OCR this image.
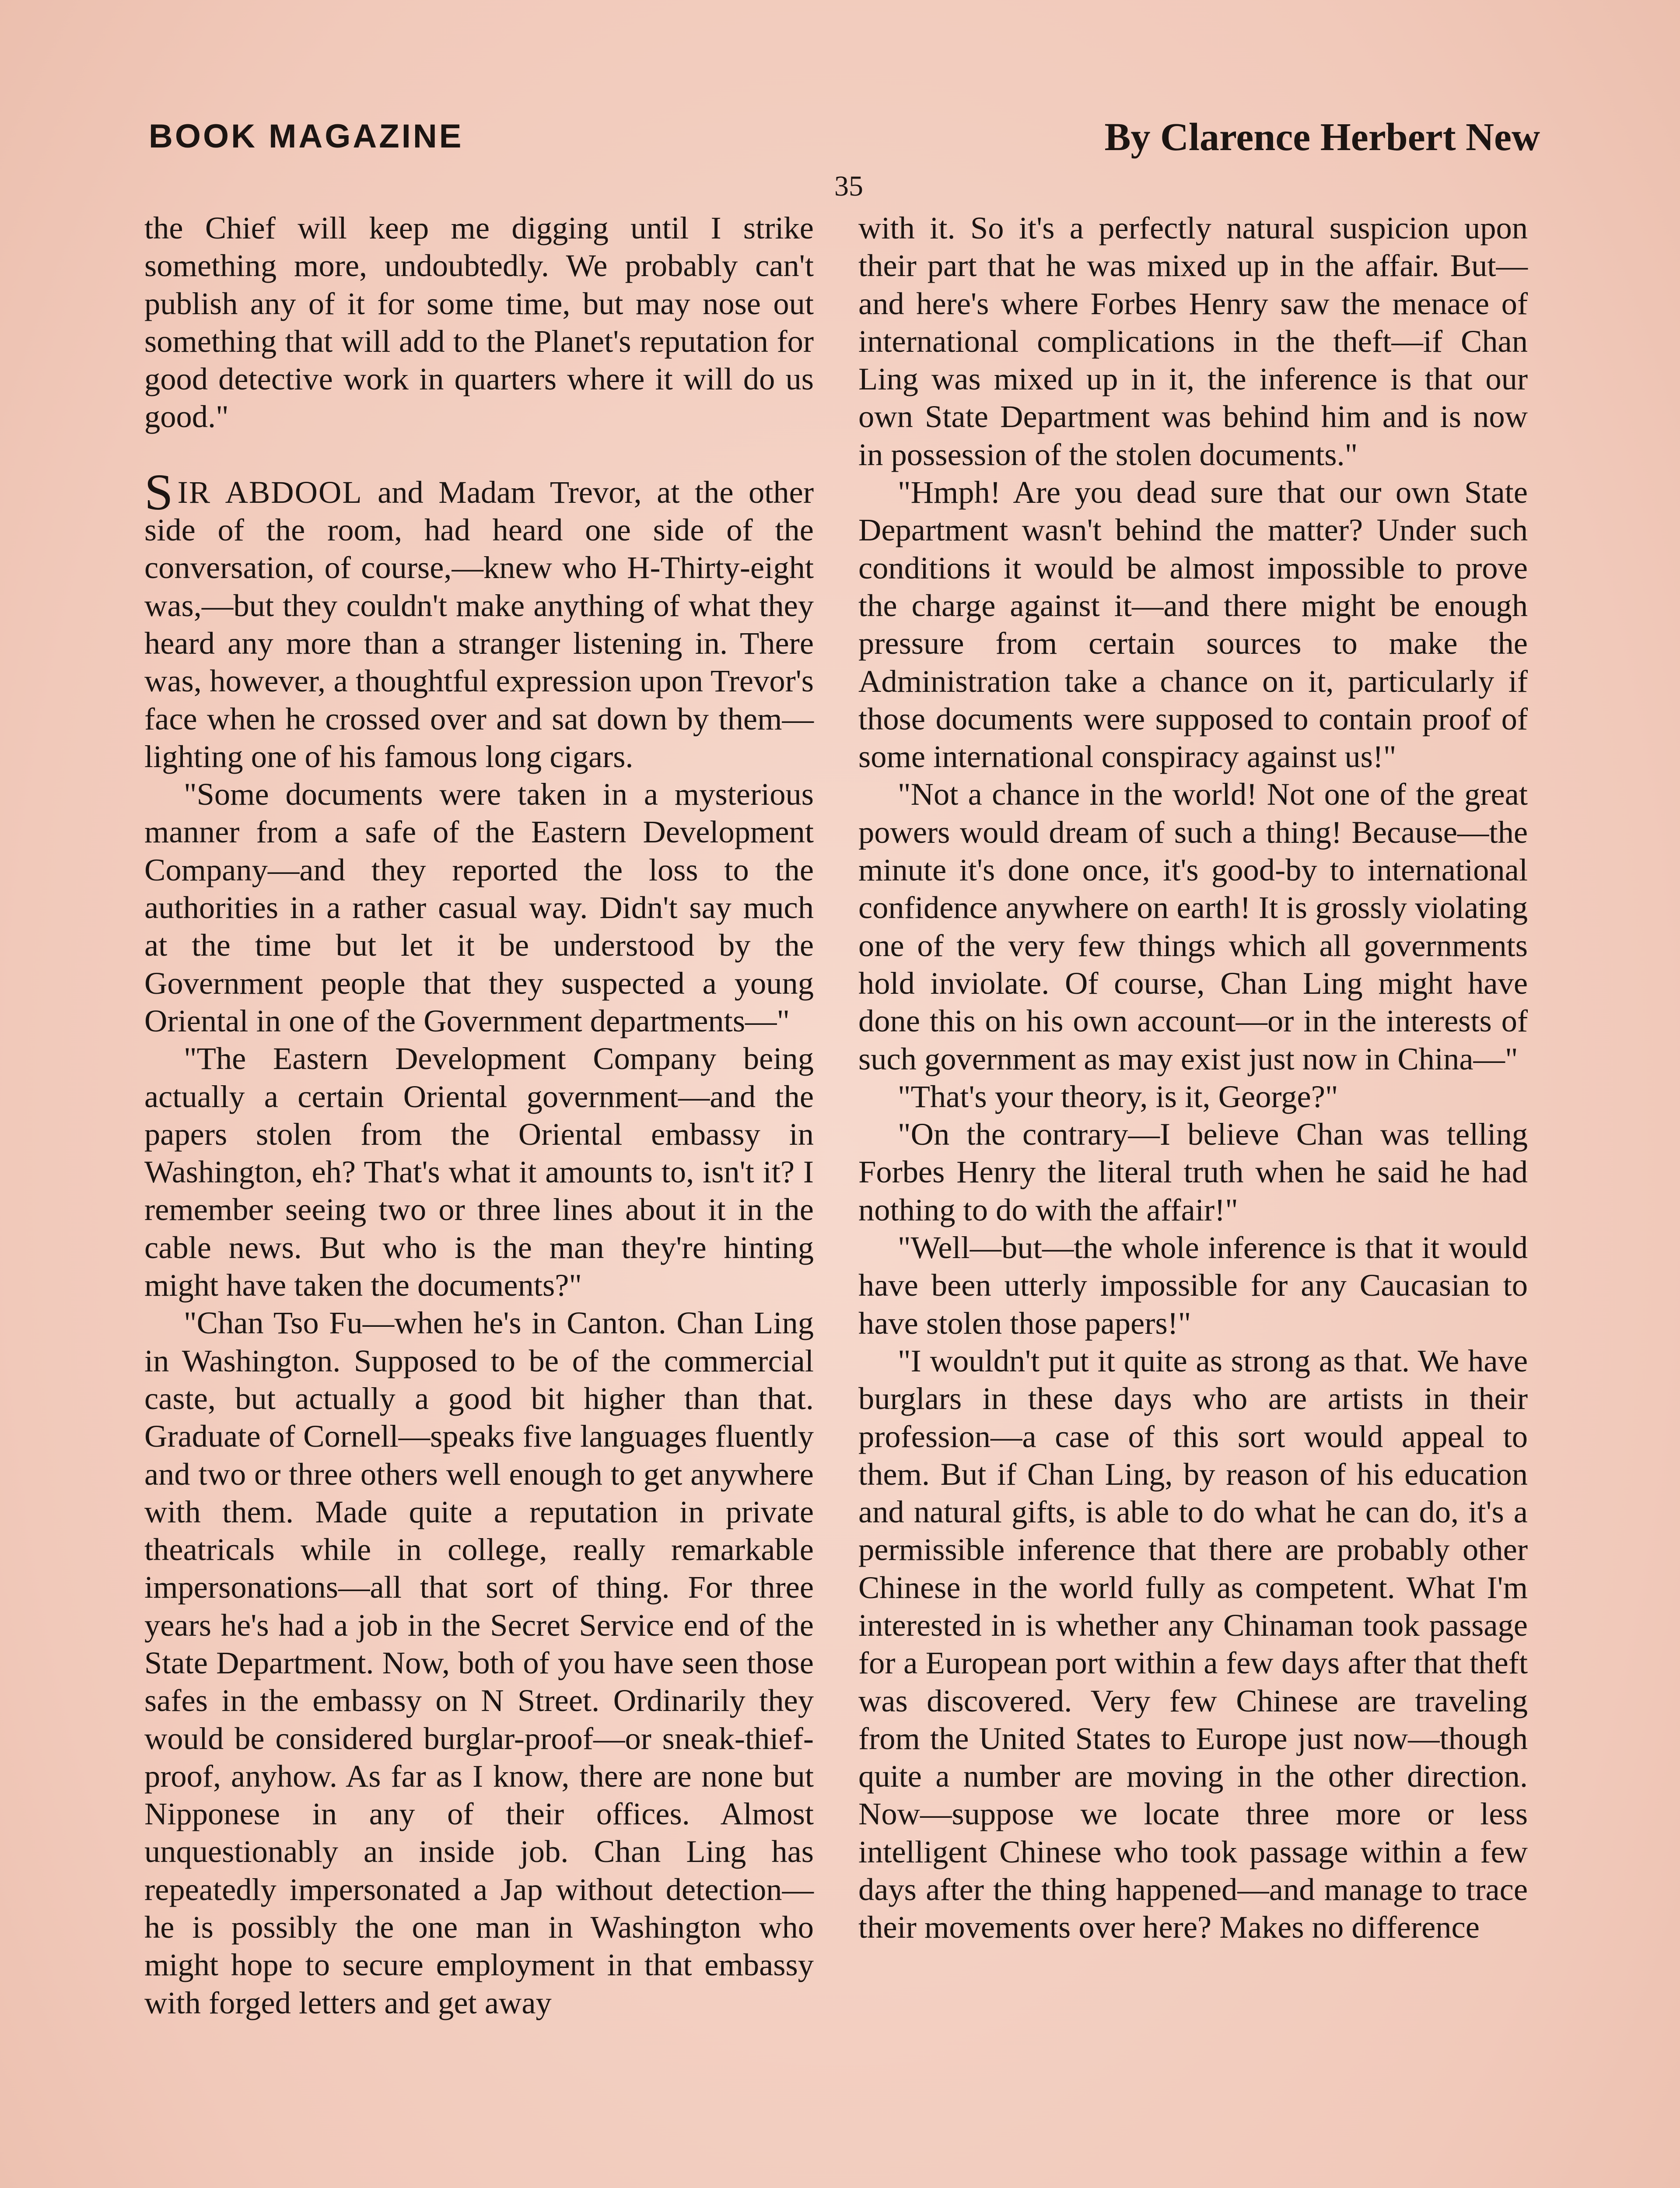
BOOK MAGAZINE	By Clarence Herbert New
35

the Chief will keep me digging until I strike something more, undoubtedly. We probably can't publish any of it for some time, but may nose out something that will add to the Planet's reputation for good detective work in quarters where it will do us good."

SIR ABDOOL and Madam Trevor, at the other side of the room, had heard one side of the conversation, of course,—knew who H-Thirty-eight was,—but they couldn't make anything of what they heard any more than a stranger listening in. There was, however, a thoughtful expression upon Trevor's face when he crossed over and sat down by them—lighting one of his famous long cigars.

"Some documents were taken in a mysterious manner from a safe of the Eastern Development Company—and they reported the loss to the authorities in a rather casual way. Didn't say much at the time but let it be understood by the Government people that they suspected a young Oriental in one of the Government departments—"

"The Eastern Development Company being actually a certain Oriental government—and the papers stolen from the Oriental embassy in Washington, eh? That's what it amounts to, isn't it? I remember seeing two or three lines about it in the cable news. But who is the man they're hinting might have taken the documents?"

"Chan Tso Fu—when he's in Canton. Chan Ling in Washington. Supposed to be of the commercial caste, but actually a good bit higher than that. Graduate of Cornell—speaks five languages fluently and two or three others well enough to get anywhere with them. Made quite a reputation in private theatricals while in college, really remarkable impersonations—all that sort of thing. For three years he's had a job in the Secret Service end of the State Department. Now, both of you have seen those safes in the embassy on N Street. Ordinarily they would be considered burglar-proof—or sneak-thief-proof, anyhow. As far as I know, there are none but Nipponese in any of their offices. Almost unquestionably an inside job. Chan Ling has repeatedly impersonated a Jap without detection—he is possibly the one man in Washington who might hope to secure employment in that embassy with forged letters and get away

with it. So it's a perfectly natural suspicion upon their part that he was mixed up in the affair. But—and here's where Forbes Henry saw the menace of international complications in the theft—if Chan Ling was mixed up in it, the inference is that our own State Department was behind him and is now in possession of the stolen documents."

"Hmph! Are you dead sure that our own State Department wasn't behind the matter? Under such conditions it would be almost impossible to prove the charge against it—and there might be enough pressure from certain sources to make the Administration take a chance on it, particularly if those documents were supposed to contain proof of some international conspiracy against us!"

"Not a chance in the world! Not one of the great powers would dream of such a thing! Because—the minute it's done once, it's good-by to international confidence anywhere on earth! It is grossly violating one of the very few things which all governments hold inviolate. Of course, Chan Ling might have done this on his own account—or in the interests of such government as may exist just now in China—"

"That's your theory, is it, George?"

"On the contrary—I believe Chan was telling Forbes Henry the literal truth when he said he had nothing to do with the affair!"

"Well—but—the whole inference is that it would have been utterly impossible for any Caucasian to have stolen those papers!"

"I wouldn't put it quite as strong as that. We have burglars in these days who are artists in their profession—a case of this sort would appeal to them. But if Chan Ling, by reason of his education and natural gifts, is able to do what he can do, it's a permissible inference that there are probably other Chinese in the world fully as competent. What I'm interested in is whether any Chinaman took passage for a European port within a few days after that theft was discovered. Very few Chinese are traveling from the United States to Europe just now—though quite a number are moving in the other direction. Now—suppose we locate three more or less intelligent Chinese who took passage within a few days after the thing happened—and manage to trace their movements over here? Makes no difference
